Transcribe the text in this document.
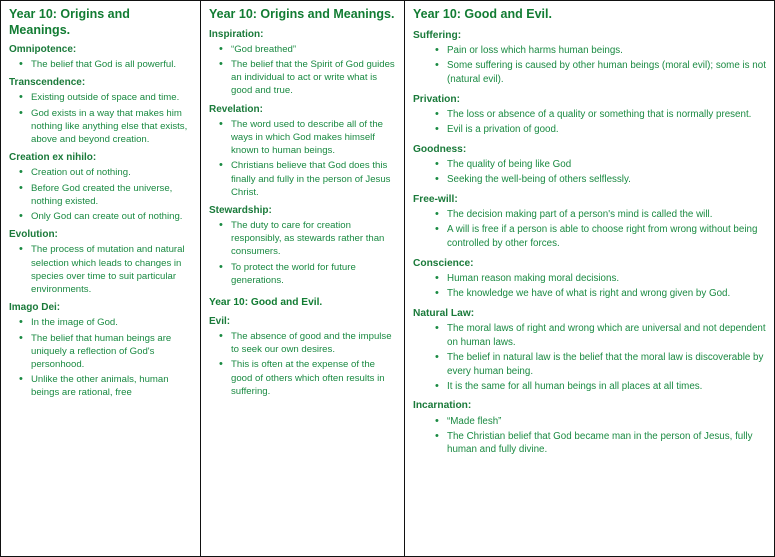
Year 10: Origins and Meanings.
Omnipotence:
• The belief that God is all powerful.
Transcendence:
• Existing outside of space and time.
• God exists in a way that makes him nothing like anything else that exists, above and beyond creation.
Creation ex nihilo:
• Creation out of nothing.
• Before God created the universe, nothing existed.
• Only God can create out of nothing.
Evolution:
• The process of mutation and natural selection which leads to changes in species over time to suit particular environments.
Imago Dei:
• In the image of God.
• The belief that human beings are uniquely a reflection of God's personhood.
• Unlike the other animals, human beings are rational, free
Year 10: Origins and Meanings.
Inspiration:
• “God breathed”
• The belief that the Spirit of God guides an individual to act or write what is good and true.
Revelation:
• The word used to describe all of the ways in which God makes himself known to human beings.
• Christians believe that God does this finally and fully in the person of Jesus Christ.
Stewardship:
• The duty to care for creation responsibly, as stewards rather than consumers.
• To protect the world for future generations.
Year 10: Good and Evil.
Evil:
• The absence of good and the impulse to seek our own desires.
• This is often at the expense of the good of others which often results in suffering.
Year 10: Good and Evil.
Suffering:
• Pain or loss which harms human beings.
• Some suffering is caused by other human beings (moral evil); some is not (natural evil).
Privation:
• The loss or absence of a quality or something that is normally present.
• Evil is a privation of good.
Goodness:
• The quality of being like God
• Seeking the well-being of others selflessly.
Free-will:
• The decision making part of a person's mind is called the will.
• A will is free if a person is able to choose right from wrong without being controlled by other forces.
Conscience:
• Human reason making moral decisions.
• The knowledge we have of what is right and wrong given by God.
Natural Law:
• The moral laws of right and wrong which are universal and not dependent on human laws.
• The belief in natural law is the belief that the moral law is discoverable by every human being.
• It is the same for all human beings in all places at all times.
Incarnation:
• “Made flesh”
• The Christian belief that God became man in the person of Jesus, fully human and fully divine.
